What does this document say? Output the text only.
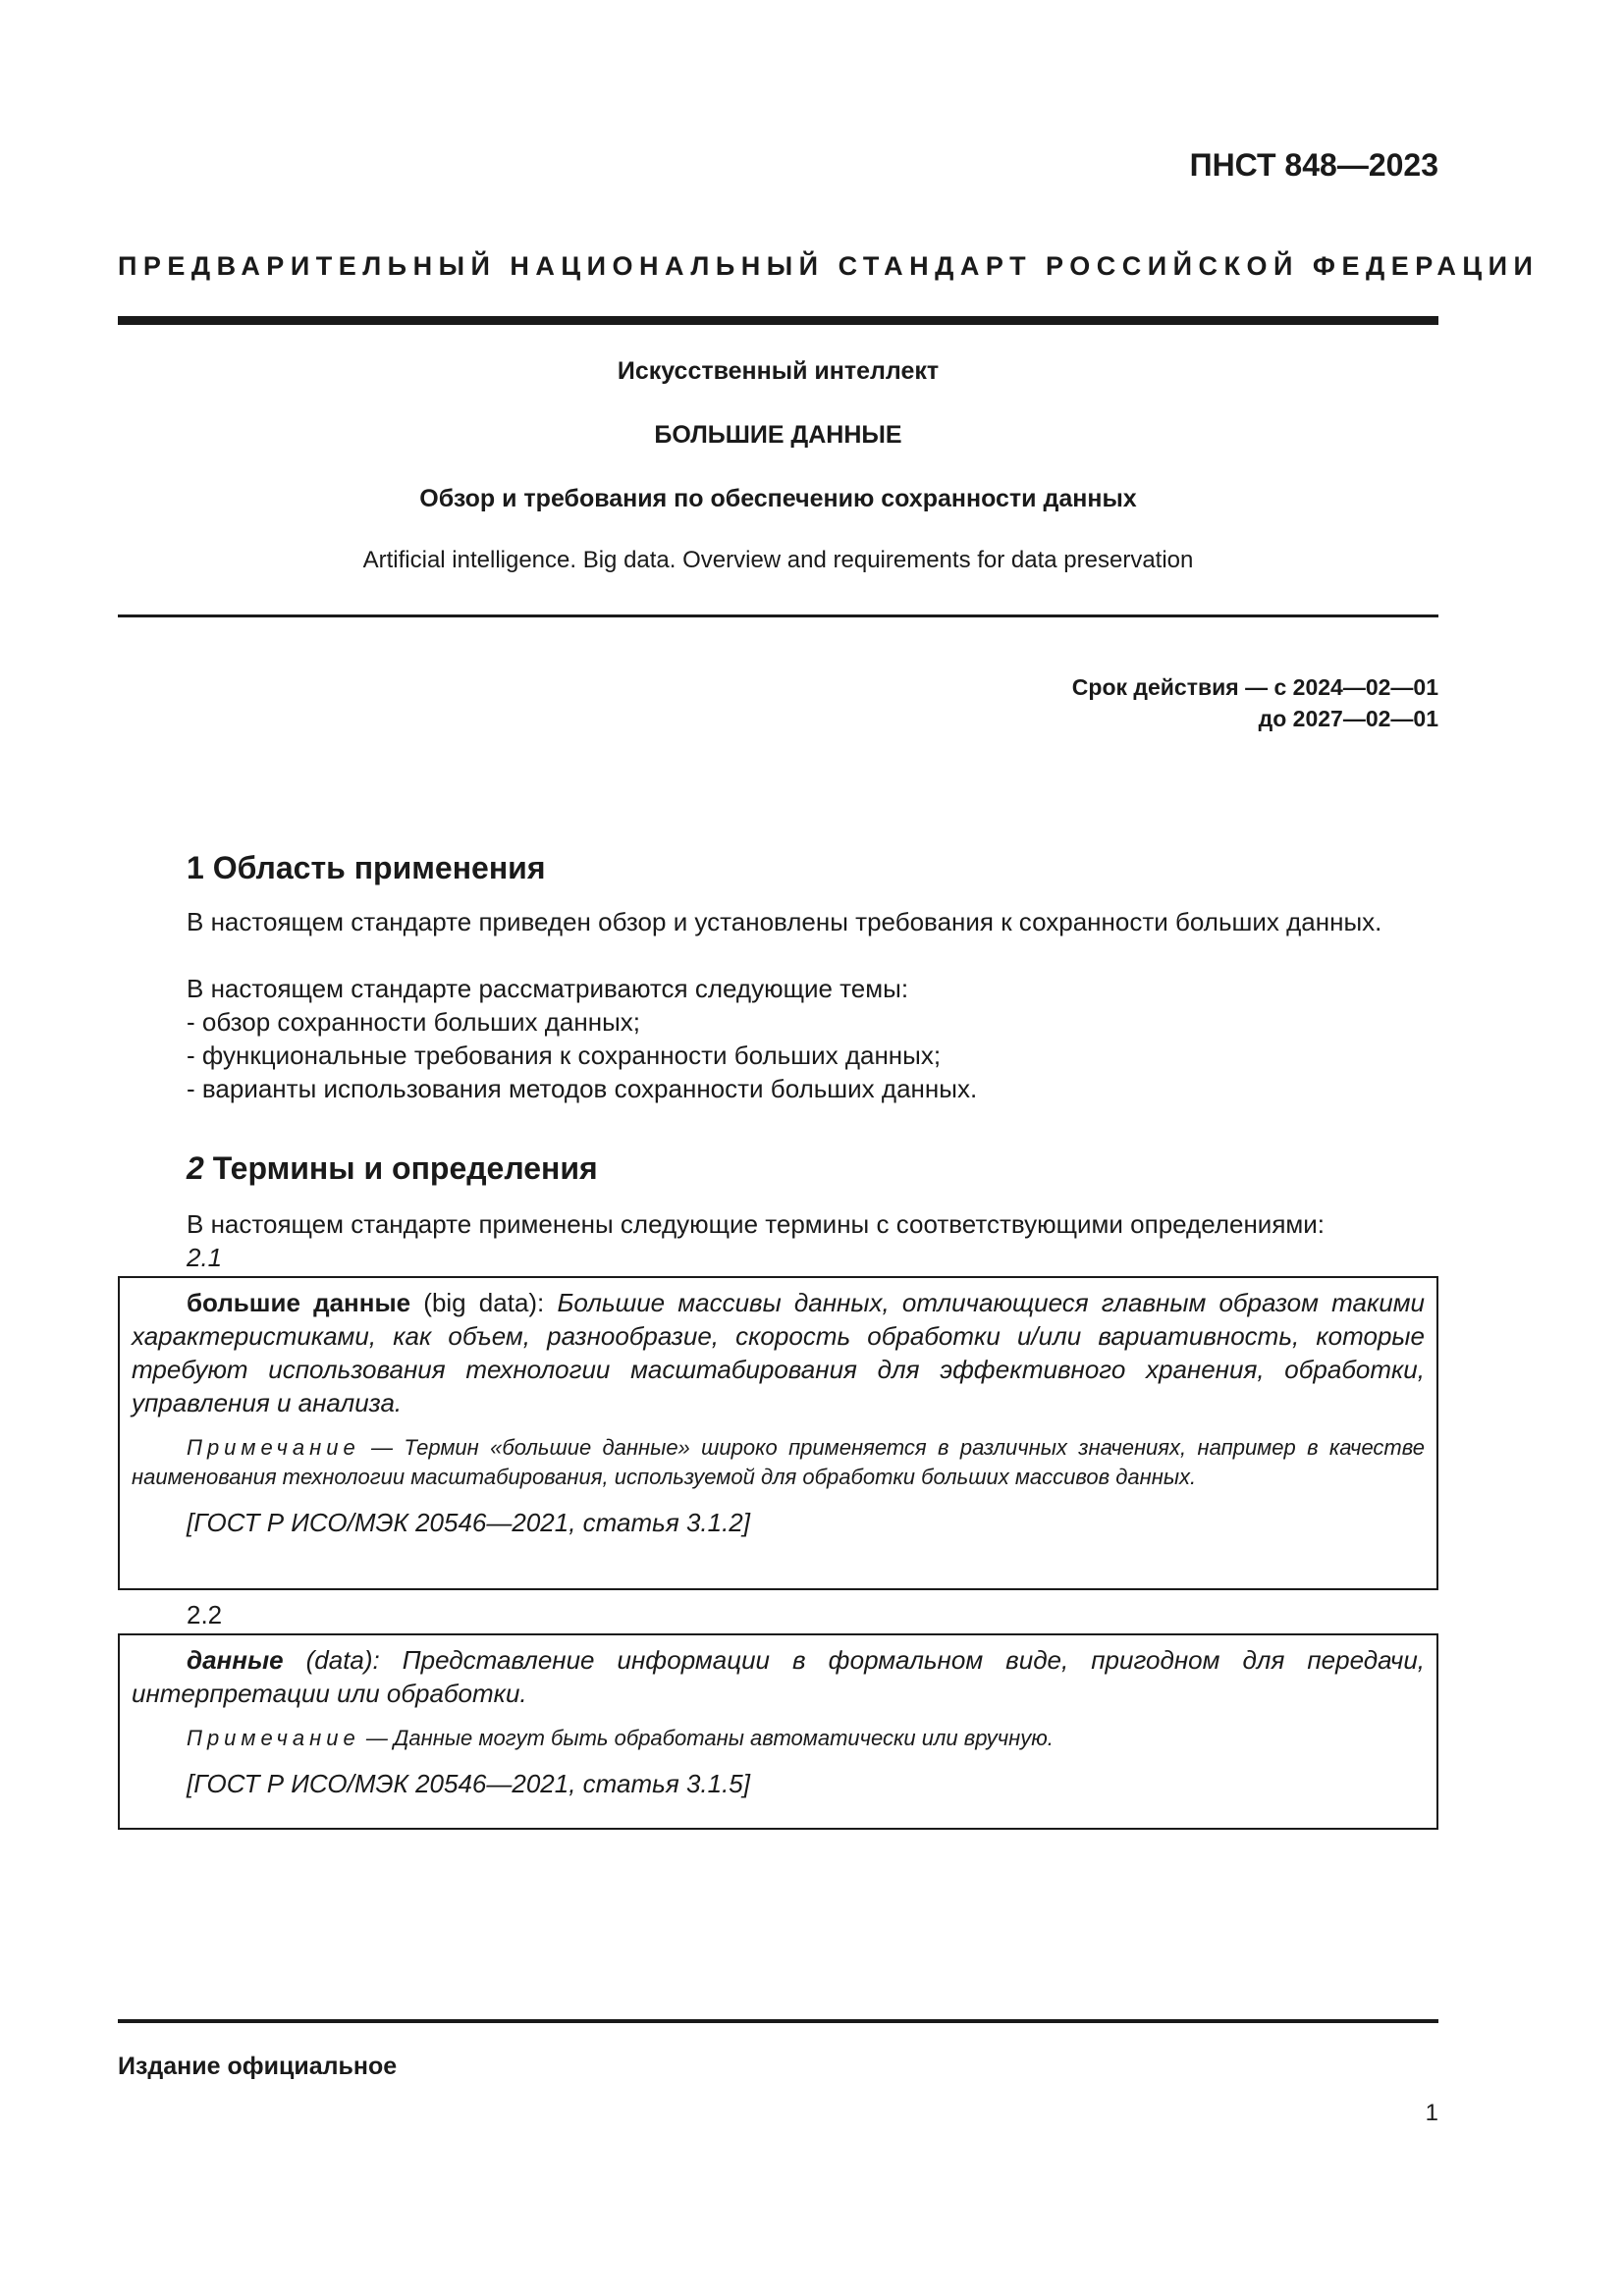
ПНСТ 848—2023
ПРЕДВАРИТЕЛЬНЫЙ НАЦИОНАЛЬНЫЙ СТАНДАРТ РОССИЙСКОЙ ФЕДЕРАЦИИ
Искусственный интеллект
БОЛЬШИЕ ДАННЫЕ
Обзор и требования по обеспечению сохранности данных
Artificial intelligence. Big data. Overview and requirements for data preservation
Срок действия — с 2024—02—01
до 2027—02—01
1 Область применения
В настоящем стандарте приведен обзор и установлены требования к сохранности больших данных.
В настоящем стандарте рассматриваются следующие темы:
- обзор сохранности больших данных;
- функциональные требования к сохранности больших данных;
- варианты использования методов сохранности больших данных.
2 Термины и определения
В настоящем стандарте применены следующие термины с соответствующими определениями:
2.1

большие данные (big data): Большие массивы данных, отличающиеся главным образом такими характеристиками, как объем, разнообразие, скорость обработки и/или вариативность, которые требуют использования технологии масштабирования для эффективного хранения, обработки, управления и анализа.

Примечание — Термин «большие данные» широко применяется в различных значениях, например в качестве наименования технологии масштабирования, используемой для обработки больших массивов данных.

[ГОСТ Р ИСО/МЭК 20546—2021, статья 3.1.2]

2.2

данные (data): Представление информации в формальном виде, пригодном для передачи, интерпретации или обработки.

Примечание — Данные могут быть обработаны автоматически или вручную.

[ГОСТ Р ИСО/МЭК 20546—2021, статья 3.1.5]

Издание официальное
1
